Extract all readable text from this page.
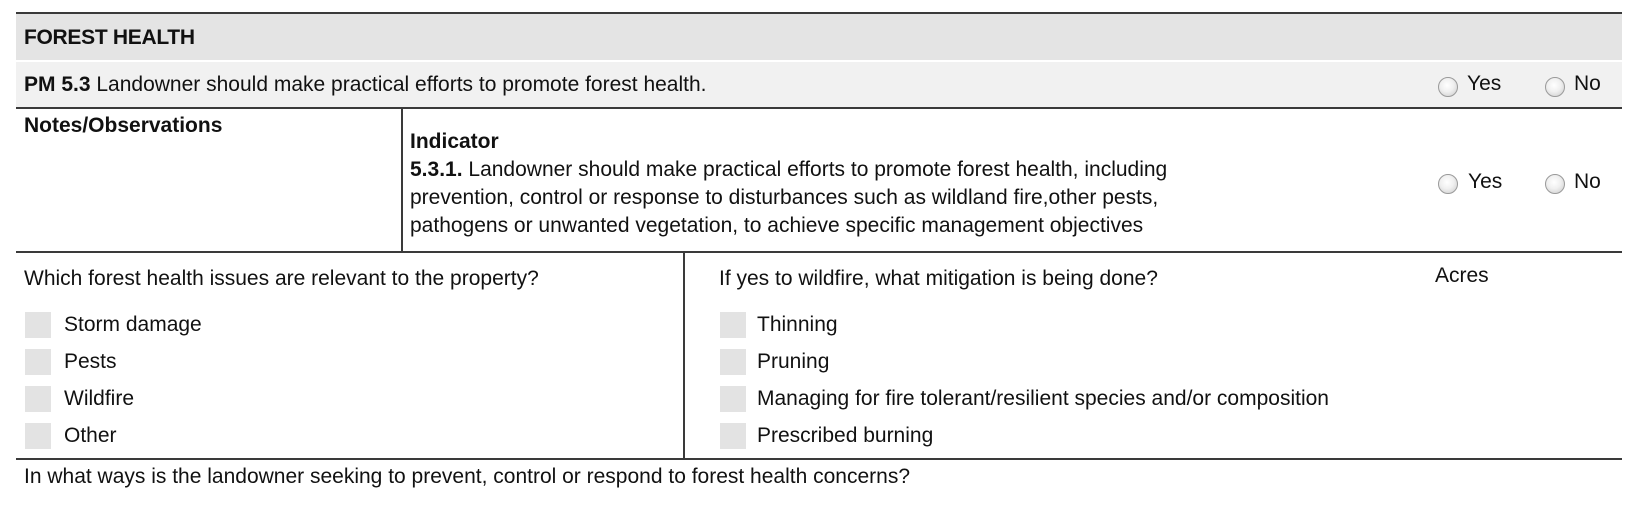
FOREST HEALTH
PM 5.3 Landowner should make practical efforts to promote forest health.	Yes	No
Notes/Observations
Indicator
5.3.1. Landowner should make practical efforts to promote forest health, including
prevention, control or response to disturbances such as wildland fire,other pests,
pathogens or unwanted vegetation, to achieve specific management objectives
Yes	No
Which forest health issues are relevant to the property?
Storm damage
Pests
Wildfire
Other
If yes to wildfire, what mitigation is being done?	Acres
Thinning
Pruning
Managing for fire tolerant/resilient species and/or composition
Prescribed burning
In what ways is the landowner seeking to prevent, control or respond to forest health concerns?
